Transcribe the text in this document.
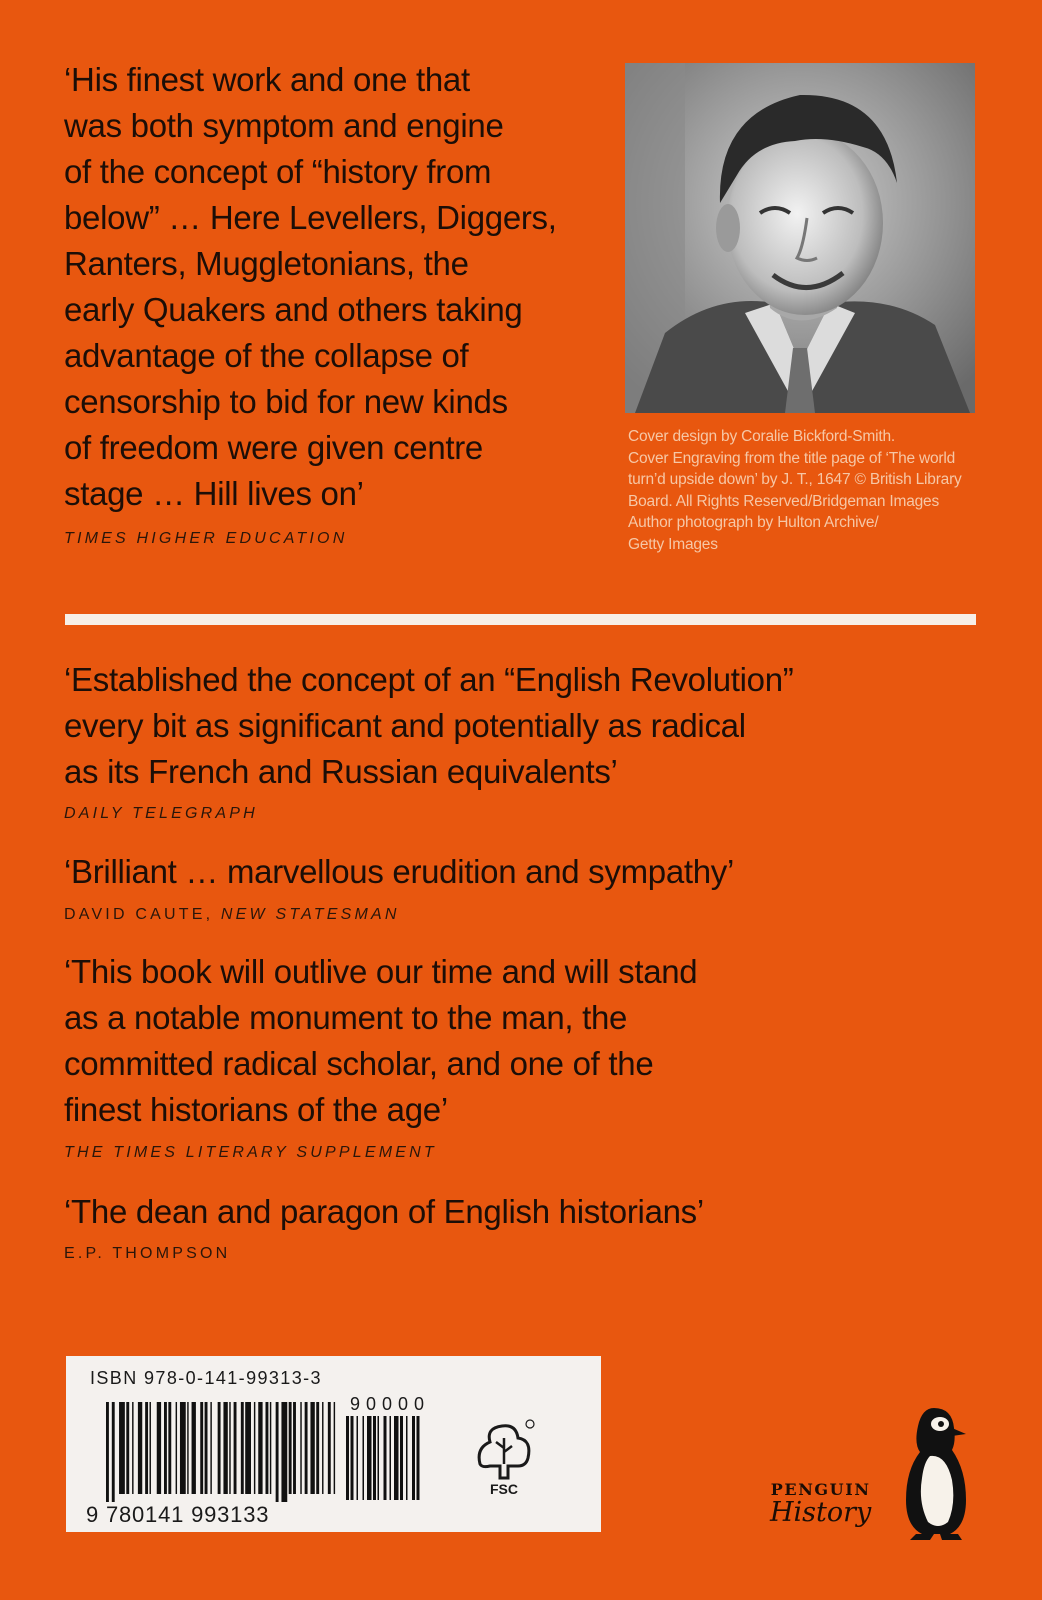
‘His finest work and one that
was both symptom and engine
of the concept of “history from
below” … Here Levellers, Diggers,
Ranters, Muggletonians, the
early Quakers and others taking
advantage of the collapse of
censorship to bid for new kinds
of freedom were given centre
stage … Hill lives on’

TIMES HIGHER EDUCATION
Cover design by Coralie Bickford-Smith.
Cover Engraving from the title page of ‘The world
turn’d upside down’ by J. T., 1647 © British Library
Board. All Rights Reserved/Bridgeman Images
Author photograph by Hulton Archive/
Getty Images

‘Established the concept of an “English Revolution”
every bit as significant and potentially as radical
as its French and Russian equivalents’

DAILY TELEGRAPH

‘Brilliant … marvellous erudition and sympathy’

DAVID CAUTE, NEW STATESMAN

‘This book will outlive our time and will stand
as a notable monument to the man, the
committed radical scholar, and one of the
finest historians of the age’

THE TIMES LITERARY SUPPLEMENT

‘The dean and paragon of English historians’

E.P. THOMPSON
ISBN 978-0-141-99313-3
90000
FSC
9 780141 993133
PENGUIN
History
